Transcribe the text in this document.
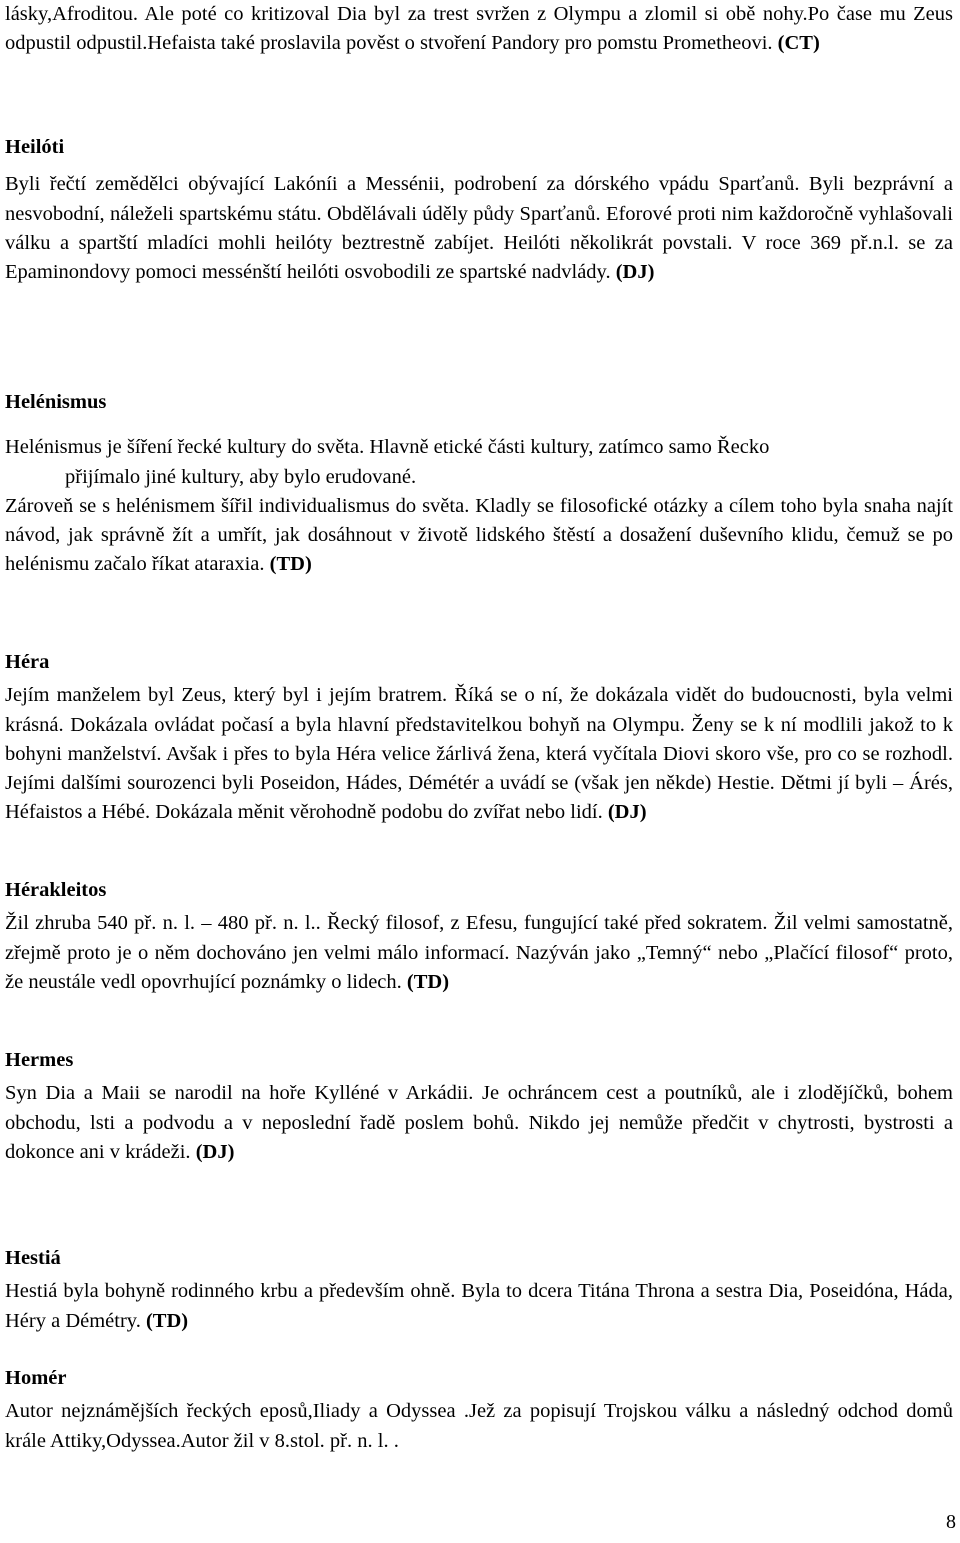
lásky,Afroditou. Ale poté co kritizoval Dia byl za trest svržen z Olympu a zlomil si obě nohy.Po čase mu Zeus odpustil odpustil.Hefaista také proslavila pověst o stvoření Pandory pro pomstu Prometheovi. (CT)

Heilóti

Byli řečtí zemědělci obývající Lakóníi a Messénii, podrobení za dórského vpádu Sparťanů. Byli bezprávní a nesvobodní, náleželi spartskému státu. Obdělávali úděly půdy Sparťanů. Eforové proti nim každoročně vyhlašovali válku a spartští mladíci mohli heilóty beztrestně zabíjet. Heilóti několikrát povstali. V roce 369 př.n.l. se za Epaminondovy pomoci messénští heilóti osvobodili ze spartské nadvlády. (DJ)

Helénismus

Helénismus je šíření řecké kultury do světa. Hlavně etické části kultury, zatímco samo Řecko

přijímalo jiné kultury, aby bylo erudované.

Zároveň se s helénismem šířil individualismus do světa. Kladly se filosofické otázky a cílem toho byla snaha najít návod, jak správně žít a umřít, jak dosáhnout v životě lidského štěstí a dosažení duševního klidu, čemuž se po helénismu začalo říkat ataraxia. (TD)

Héra

Jejím manželem byl Zeus, který byl i jejím bratrem. Říká se o ní, že dokázala vidět do budoucnosti, byla velmi krásná. Dokázala ovládat počasí a byla hlavní představitelkou bohyň na Olympu. Ženy se k ní modlili jakož to k bohyni manželství. Avšak i přes to byla Héra velice žárlivá žena, která vyčítala Diovi skoro vše, pro co se rozhodl. Jejími dalšími sourozenci byli Poseidon, Hádes, Démétér a uvádí se (však jen někde) Hestie. Dětmi jí byli – Árés, Héfaistos a Hébé. Dokázala měnit věrohodně podobu do zvířat nebo lidí. (DJ)

Hérakleitos

Žil zhruba 540 př. n. l. – 480 př. n. l.. Řecký filosof, z Efesu, fungující také před sokratem. Žil velmi samostatně, zřejmě proto je o něm dochováno jen velmi málo informací. Nazýván jako „Temný“ nebo „Plačící filosof“ proto, že neustále vedl opovrhující poznámky o lidech. (TD)

Hermes

Syn Dia a Maii se narodil na hoře Kylléné v Arkádii. Je ochráncem cest a poutníků, ale i zlodějíčků, bohem obchodu, lsti a podvodu a v neposlední řadě poslem bohů. Nikdo jej nemůže předčit v chytrosti, bystrosti a dokonce ani v krádeži. (DJ)

Hestiá

Hestiá byla bohyně rodinného krbu a především ohně. Byla to dcera Titána Throna a sestra Dia, Poseidóna, Háda, Héry a Démétry. (TD)

Homér

Autor nejznámějších řeckých eposů,Iliady a Odyssea .Jež za popisují Trojskou válku a následný odchod domů krále Attiky,Odyssea.Autor žil v 8.stol. př. n. l. .

8
